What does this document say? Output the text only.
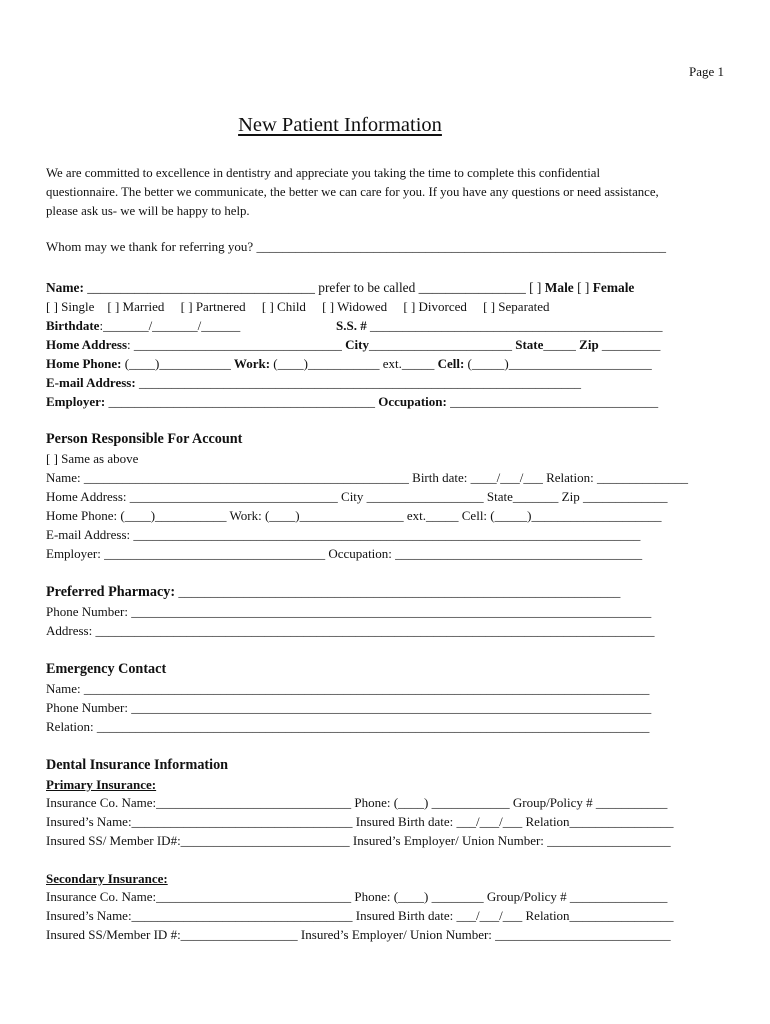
Page 1
New Patient Information
We are committed to excellence in dentistry and appreciate you taking the time to complete this confidential
questionnaire. The better we communicate, the better we can care for you. If you have any questions or need assistance,
please ask us- we will be happy to help.
Whom may we thank for referring you? _______________________________________________________________
Name: __________________________________ prefer to be called ________________ [ ] Male [ ] Female
[ ] Single    [ ] Married     [ ] Partnered     [ ] Child     [ ] Widowed     [ ] Divorced     [ ] Separated
Birthdate:_______/_______/______	S.S. # _____________________________________________
Home Address: ________________________________ City______________________ State_____ Zip _________
Home Phone: (____)___________ Work: (____)___________ ext._____ Cell: (_____)______________________
E-mail Address: ____________________________________________________________________
Employer: _________________________________________ Occupation: ________________________________
Person Responsible For Account
[ ] Same as above
Name: __________________________________________________ Birth date: ____/___/___ Relation: ______________
Home Address: ________________________________ City __________________ State_______ Zip _____________
Home Phone: (____)___________ Work: (____)________________ ext._____ Cell: (_____)____________________
E-mail Address: ______________________________________________________________________________
Employer: __________________________________ Occupation: ______________________________________
Preferred Pharmacy: ____________________________________________________________________
Phone Number: ________________________________________________________________________________
Address: ______________________________________________________________________________________
Emergency Contact
Name: _______________________________________________________________________________________
Phone Number: ________________________________________________________________________________
Relation: _____________________________________________________________________________________
Dental Insurance Information
Primary Insurance:
Insurance Co. Name:______________________________ Phone: (____) ____________ Group/Policy # ___________
Insured’s Name:__________________________________ Insured Birth date: ___/___/___ Relation________________
Insured SS/ Member ID#:__________________________ Insured’s Employer/ Union Number: ___________________
Secondary Insurance:
Insurance Co. Name:______________________________ Phone: (____) ________ Group/Policy # _______________
Insured’s Name:__________________________________ Insured Birth date: ___/___/___ Relation________________
Insured SS/Member ID #:__________________ Insured’s Employer/ Union Number: ___________________________
